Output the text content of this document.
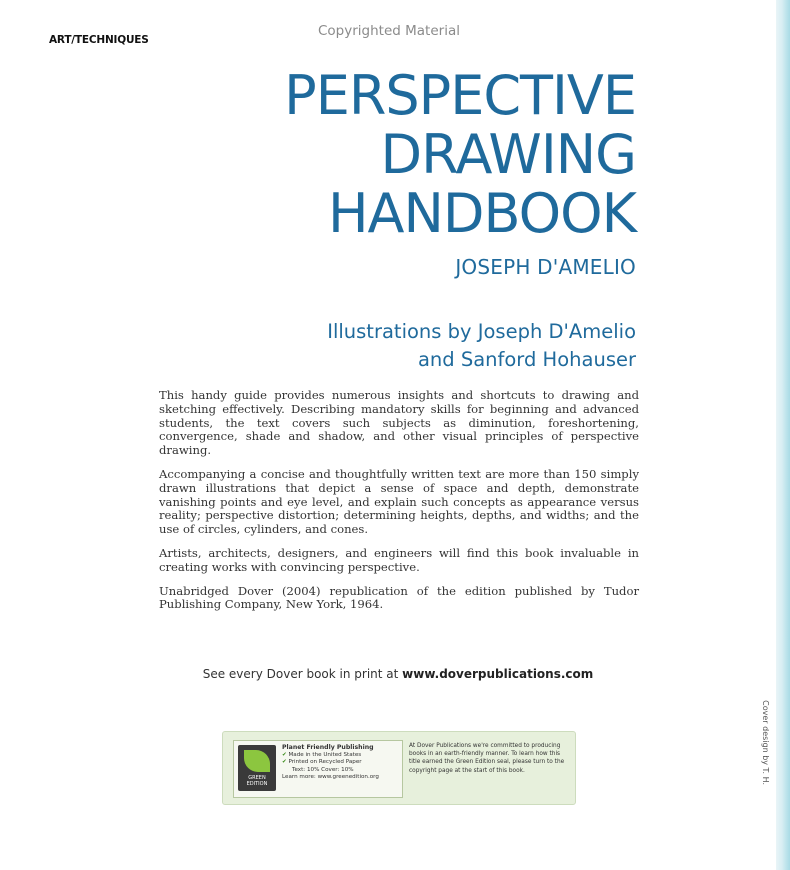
Cover design by T. H.
ART/TECHNIQUES
Copyrighted Material
PERSPECTIVE
DRAWING
HANDBOOK
JOSEPH D'AMELIO
Illustrations by Joseph D'Amelio
and Sanford Hohauser

This handy guide provides numerous insights and shortcuts to drawing and sketching effectively. Describing mandatory skills for beginning and advanced students, the text covers such subjects as diminution, foreshortening, convergence, shade and shadow, and other visual principles of perspective drawing.

Accompanying a concise and thoughtfully written text are more than 150 simply drawn illustrations that depict a sense of space and depth, demonstrate vanishing points and eye level, and explain such concepts as appearance versus reality; perspective distortion; determining heights, depths, and widths; and the use of circles, cylinders, and cones.

Artists, architects, designers, and engineers will find this book invaluable in creating works with convincing perspective.

Unabridged Dover (2004) republication of the edition published by Tudor Publishing Company, New York, 1964.

See every Dover book in print at www.doverpublications.com
GREEN EDITION
Planet Friendly Publishing
✔ Made in the United States
✔ Printed on Recycled Paper
Text: 10% Cover: 10%
Learn more: www.greenedition.org
At Dover Publications we're committed to producing books in an earth-friendly manner. To learn how this title earned the Green Edition seal, please turn to the copyright page at the start of this book.
